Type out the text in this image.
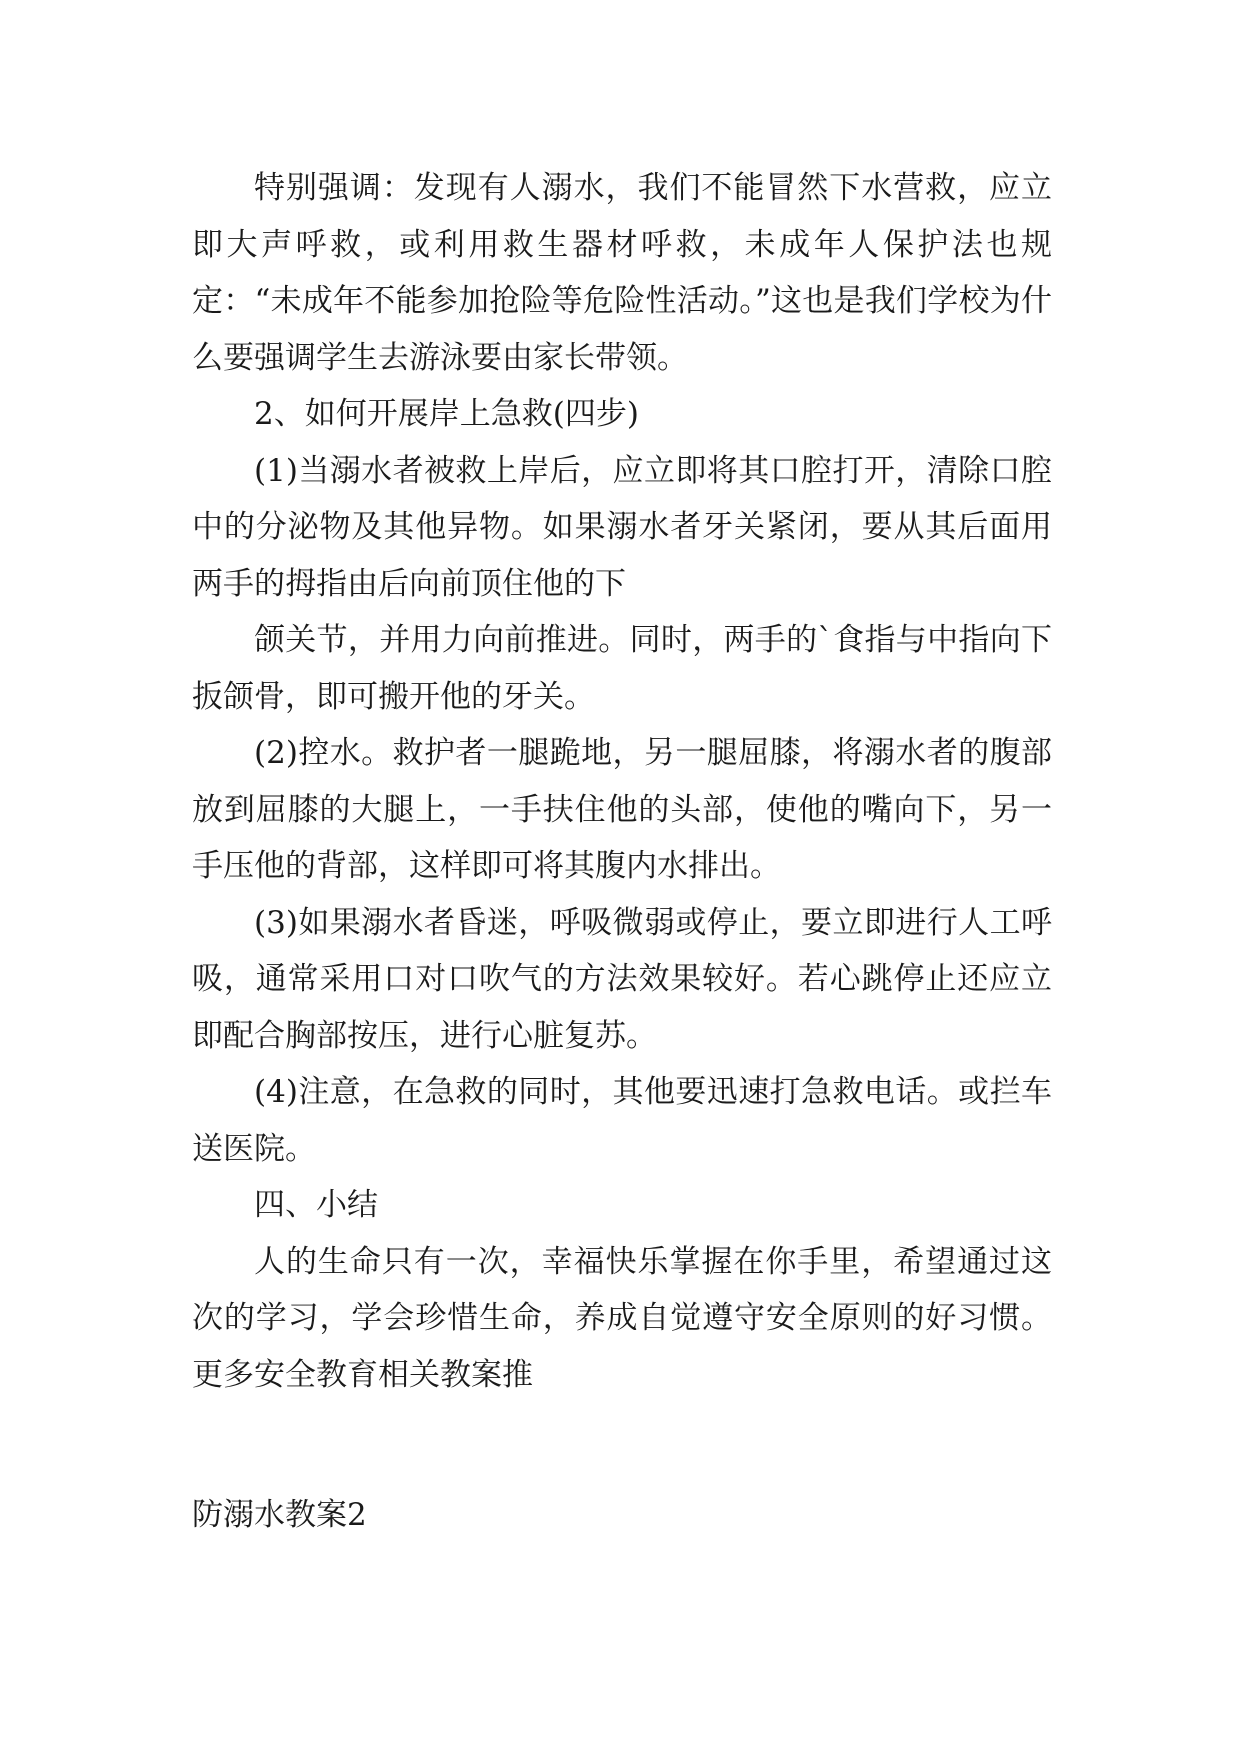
特别强调：发现有人溺水，我们不能冒然下水营救，应立即大声呼救，或利用救生器材呼救，未成年人保护法也规定：“未成年不能参加抢险等危险性活动。”这也是我们学校为什么要强调学生去游泳要由家长带领。

2、如何开展岸上急救(四步)

(1)当溺水者被救上岸后，应立即将其口腔打开，清除口腔中的分泌物及其他异物。如果溺水者牙关紧闭，要从其后面用两手的拇指由后向前顶住他的下

颌关节，并用力向前推进。同时，两手的`食指与中指向下扳颌骨，即可搬开他的牙关。

(2)控水。救护者一腿跪地，另一腿屈膝，将溺水者的腹部放到屈膝的大腿上，一手扶住他的头部，使他的嘴向下，另一手压他的背部，这样即可将其腹内水排出。

(3)如果溺水者昏迷，呼吸微弱或停止，要立即进行人工呼吸，通常采用口对口吹气的方法效果较好。若心跳停止还应立即配合胸部按压，进行心脏复苏。

(4)注意，在急救的同时，其他要迅速打急救电话。或拦车送医院。

四、小结

人的生命只有一次，幸福快乐掌握在你手里，希望通过这次的学习，学会珍惜生命，养成自觉遵守安全原则的好习惯。更多安全教育相关教案推

防溺水教案2
